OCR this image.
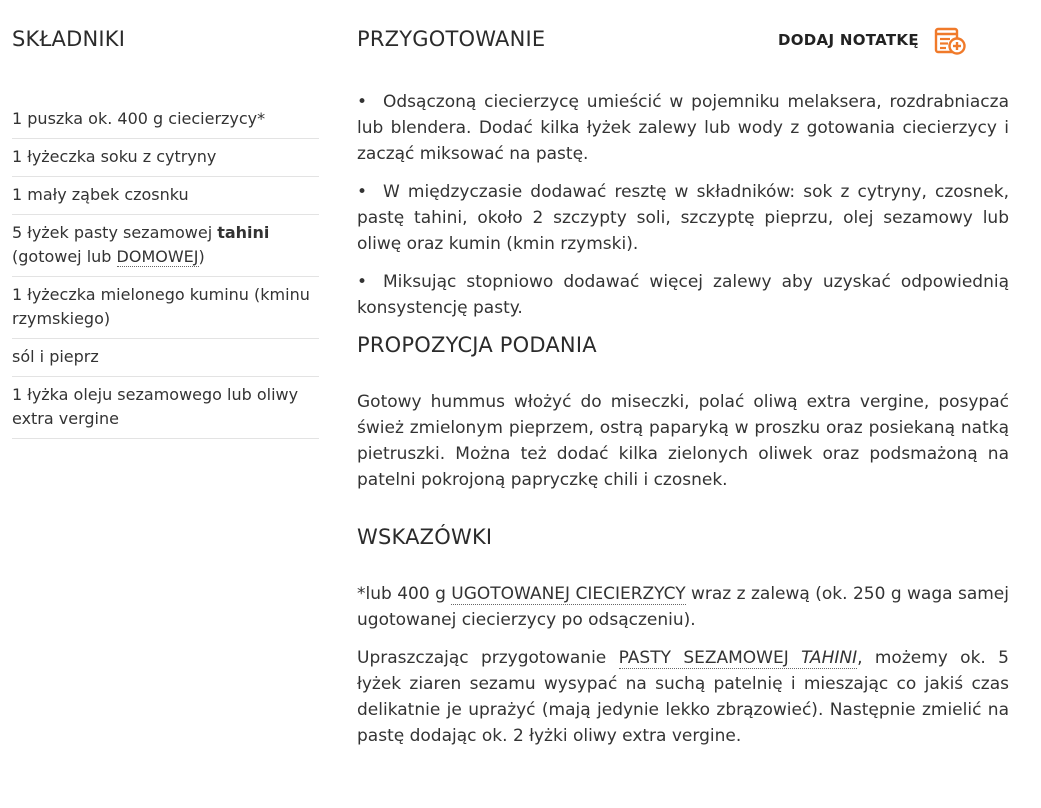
SKŁADNIKI
1 puszka ok. 400 g ciecierzycy*
1 łyżeczka soku z cytryny
1 mały ząbek czosnku
5 łyżek pasty sezamowej tahini (gotowej lub DOMOWEJ)
1 łyżeczka mielonego kuminu (kminu rzymskiego)
sól i pieprz
1 łyżka oleju sezamowego lub oliwy extra vergine
PRZYGOTOWANIE	DODAJ NOTATKĘ
• Odsączoną ciecierzycę umieścić w pojemniku melaksera, rozdrabniacza lub blendera. Dodać kilka łyżek zalewy lub wody z gotowania ciecierzycy i zacząć miksować na pastę.
• W międzyczasie dodawać resztę w składników: sok z cytryny, czosnek, pastę tahini, około 2 szczypty soli, szczyptę pieprzu, olej sezamowy lub oliwę oraz kumin (kmin rzymski).
• Miksując stopniowo dodawać więcej zalewy aby uzyskać odpowiednią konsystencję pasty.
PROPOZYCJA PODANIA

Gotowy hummus włożyć do miseczki, polać oliwą extra vergine, posypać śwież zmielonym pieprzem, ostrą paparyką w proszku oraz posiekaną natką pietruszki. Można też dodać kilka zielonych oliwek oraz podsmażoną na patelni pokrojoną papryczkę chili i czosnek.

WSKAZÓWKI

*lub 400 g UGOTOWANEJ CIECIERZYCY wraz z zalewą (ok. 250 g waga samej ugotowanej ciecierzycy po odsączeniu).

Upraszczając przygotowanie PASTY SEZAMOWEJ TAHINI, możemy ok. 5 łyżek ziaren sezamu wysypać na suchą patelnię i mieszając co jakiś czas delikatnie je uprażyć (mają jedynie lekko zbrązowieć). Następnie zmielić na pastę dodając ok. 2 łyżki oliwy extra vergine.
